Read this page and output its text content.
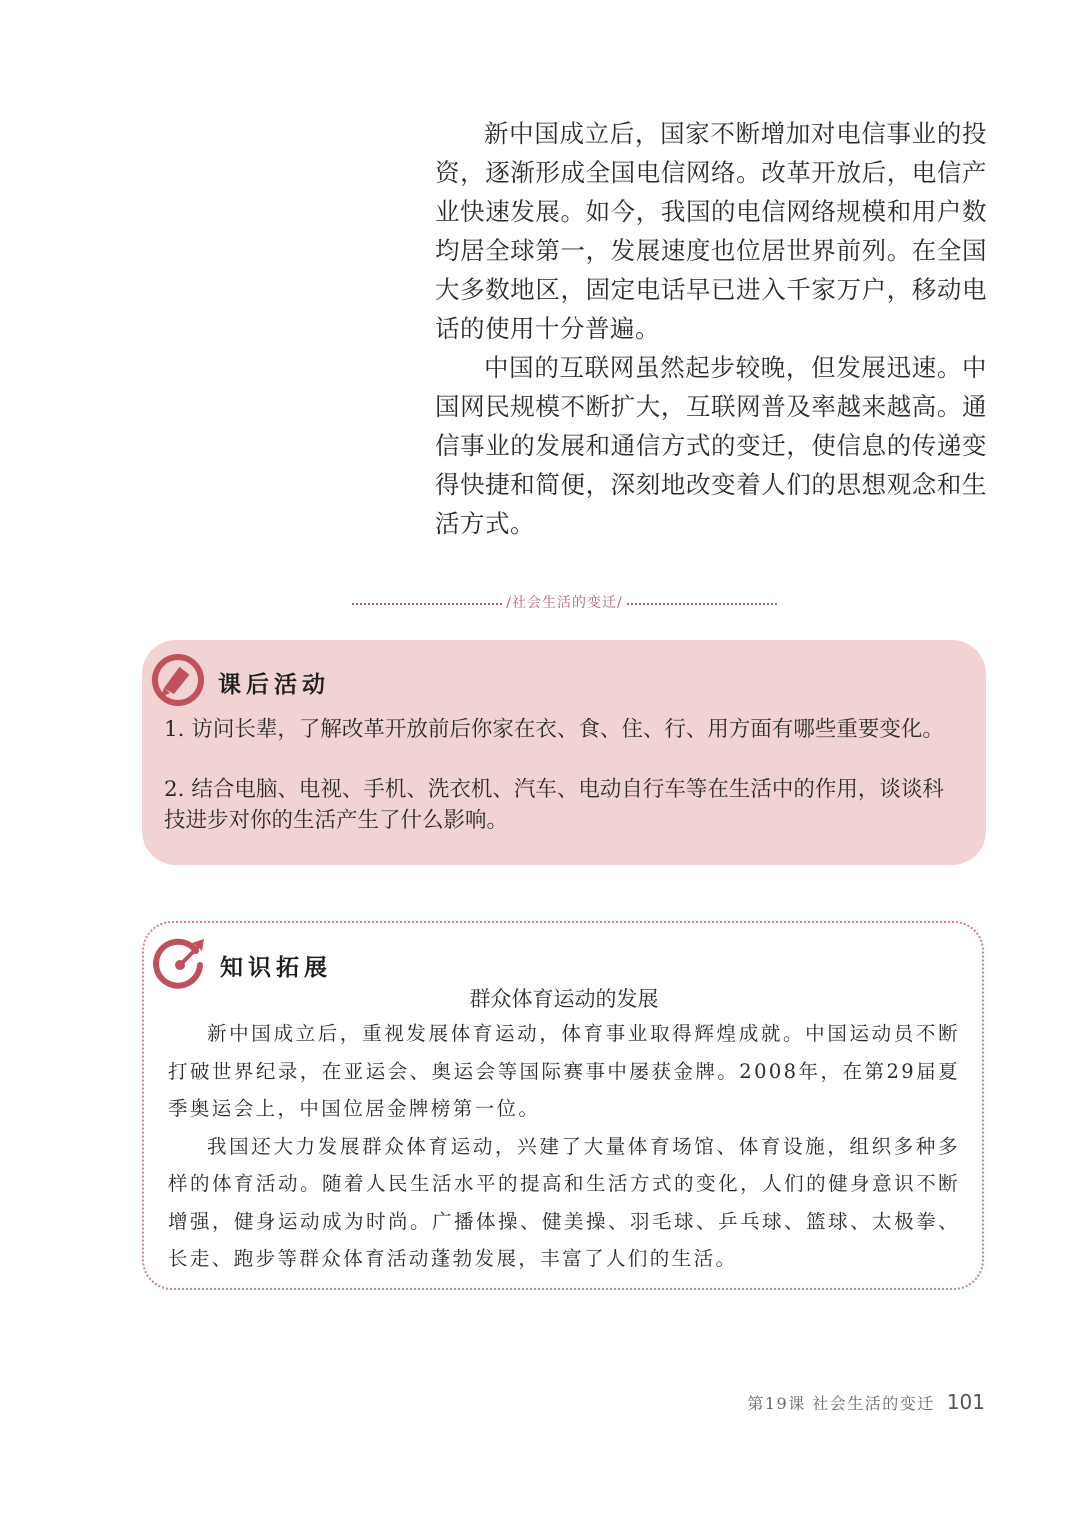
新中国成立后，国家不断增加对电信事业的投资，逐渐形成全国电信网络。改革开放后，电信产业快速发展。如今，我国的电信网络规模和用户数均居全球第一，发展速度也位居世界前列。在全国大多数地区，固定电话早已进入千家万户，移动电话的使用十分普遍。

中国的互联网虽然起步较晚，但发展迅速。中国网民规模不断扩大，互联网普及率越来越高。通信事业的发展和通信方式的变迁，使信息的传递变得快捷和简便，深刻地改变着人们的思想观念和生活方式。

/社会生活的变迁/
课后活动
1. 访问长辈，了解改革开放前后你家在衣、食、住、行、用方面有哪些重要变化。
2. 结合电脑、电视、手机、洗衣机、汽车、电动自行车等在生活中的作用，谈谈科技进步对你的生活产生了什么影响。
知识拓展
群众体育运动的发展

新中国成立后，重视发展体育运动，体育事业取得辉煌成就。中国运动员不断打破世界纪录，在亚运会、奥运会等国际赛事中屡获金牌。2008年，在第29届夏季奥运会上，中国位居金牌榜第一位。

我国还大力发展群众体育运动，兴建了大量体育场馆、体育设施，组织多种多样的体育活动。随着人民生活水平的提高和生活方式的变化，人们的健身意识不断增强，健身运动成为时尚。广播体操、健美操、羽毛球、乒乓球、篮球、太极拳、长走、跑步等群众体育活动蓬勃发展，丰富了人们的生活。

第19课 社会生活的变迁 101
